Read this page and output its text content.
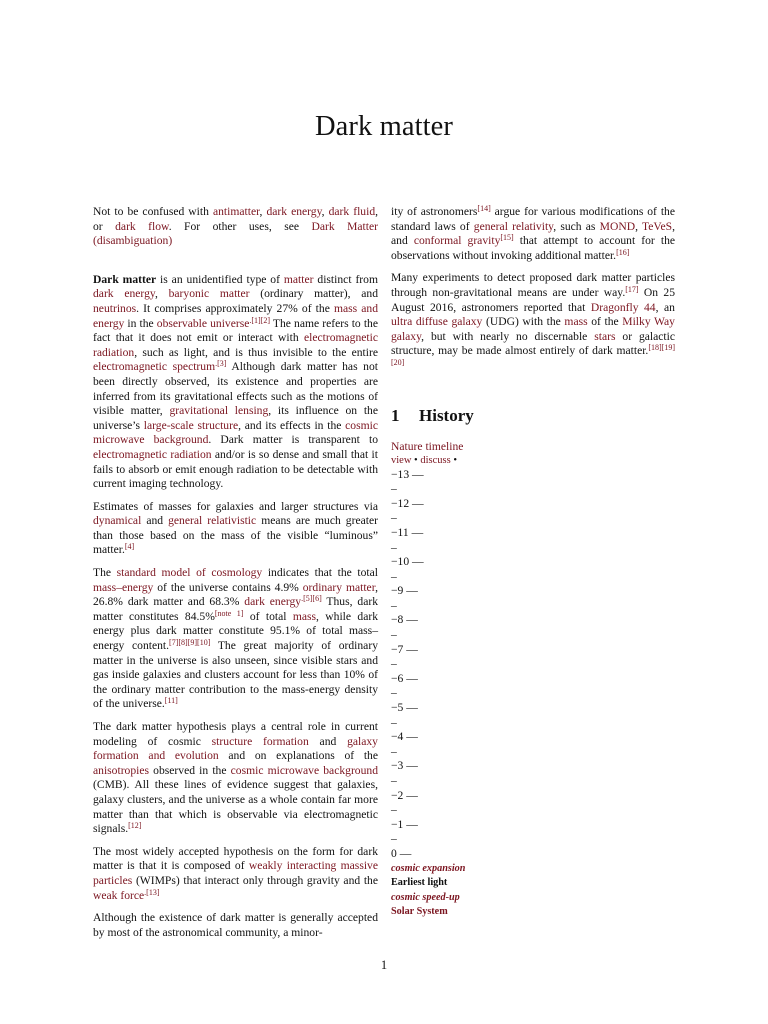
Dark matter

Not to be confused with antimatter, dark energy, dark fluid, or dark flow. For other uses, see Dark Matter (disambiguation)

Dark matter is an unidentified type of matter distinct from dark energy, baryonic matter (ordinary matter), and neutrinos. It comprises approximately 27% of the mass and energy in the observable universe$^{.[1][2]}$ The name refers to the fact that it does not emit or interact with electromagnetic radiation, such as light, and is thus invisible to the entire electromagnetic spectrum$^{.[3]}$ Although dark matter has not been directly observed, its existence and properties are inferred from its gravitational effects such as the motions of visible matter, gravitational lensing, its influence on the universe’s large-scale structure, and its effects in the cosmic microwave background. Dark matter is transparent to electromagnetic radiation and/or is so dense and small that it fails to absorb or emit enough radiation to be detectable with current imaging technology.

Estimates of masses for galaxies and larger structures via dynamical and general relativistic means are much greater than those based on the mass of the visible “luminous” matter.[4]

The standard model of cosmology indicates that the total mass–energy of the universe contains 4.9% ordinary matter, 26.8% dark matter and 68.3% dark energy$^{.[5][6]}$ Thus, dark matter constitutes 84.5%[note 1] of total mass, while dark energy plus dark matter constitute 95.1% of total mass–energy content.[7][8][9][10] The great majority of ordinary matter in the universe is also unseen, since visible stars and gas inside galaxies and clusters account for less than 10% of the ordinary matter contribution to the mass-energy density of the universe.[11]

The dark matter hypothesis plays a central role in current modeling of cosmic structure formation and galaxy formation and evolution and on explanations of the anisotropies observed in the cosmic microwave background (CMB). All these lines of evidence suggest that galaxies, galaxy clusters, and the universe as a whole contain far more matter than that which is observable via electromagnetic signals.[12]

The most widely accepted hypothesis on the form for dark matter is that it is composed of weakly interacting massive particles (WIMPs) that interact only through gravity and the weak force$^{.[13]}$

Although the existence of dark matter is generally accepted by most of the astronomical community, a minor-

ity of astronomers[14] argue for various modifications of the standard laws of general relativity, such as MOND, TeVeS, and conformal gravity[15] that attempt to account for the observations without invoking additional matter.[16]

Many experiments to detect proposed dark matter particles through non-gravitational means are under way.[17] On 25 August 2016, astronomers reported that Dragonfly 44, an ultra diffuse galaxy (UDG) with the mass of the Milky Way galaxy, but with nearly no discernable stars or galactic structure, may be made almost entirely of dark matter.[18][19][20]

1 History
Nature timeline
view • discuss •
−13 —
–
−12 —
–
−11 —
–
−10 —
–
−9 —
–
−8 —
–
−7 —
–
−6 —
–
−5 —
–
−4 —
–
−3 —
–
−2 —
–
−1 —
–
0 —
cosmic expansion
Earliest light
cosmic speed-up
Solar System
1
